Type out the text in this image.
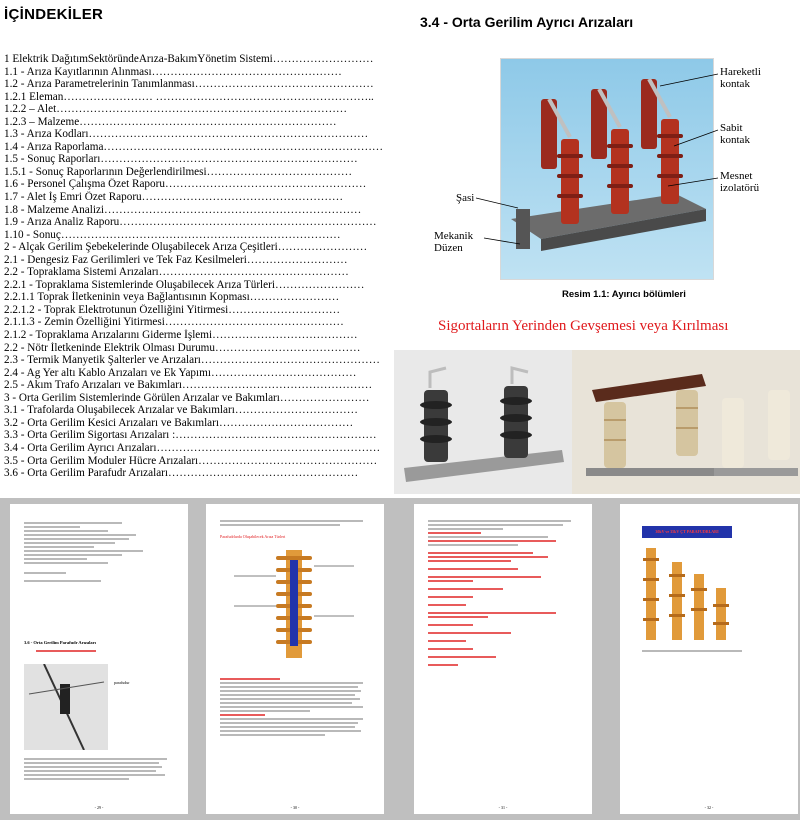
İÇİNDEKİLER
1 Elektrik DağıtımSektöründeArıza-BakımYönetim Sistemi ………………………
1.1 - Arıza Kayıtlarının Alınması ……………………………………………
1.2 - Arıza Parametrelerinin Tanımlanması …………………………………………
1.2.1 Eleman …………………… …………………………………………………..
1.2.2 – Alet ……………………………………………………………………
1.2.3 – Malzeme ……………………………………………………………
1.3 - Arıza Kodları …………………………………………………………………
1.4 - Arıza Raporlama …………………………………………………………………
1.5 - Sonuç Raporları ……………………………………………………………
1.5.1 - Sonuç Raporlarının Değerlendirilmesi …………………………………
1.6 - Personel Çalışma Özet Raporu ………………………………………………
1.7 - Alet İş Emri Özet Raporu ………………………………………………
1.8 - Malzeme Analizi ……………………………………………………………
1.9 - Arıza Analiz Raporu ……………………………………………………………
1.10 - Sonuç …………………………………………………………………
2 - Alçak Gerilim Şebekelerinde Oluşabilecek Arıza Çeşitleri ……………………
2.1 - Dengesiz Faz Gerilimleri ve Tek Faz Kesilmeleri ………………………
2.2 - Topraklama Sistemi Arızaları ……………………………………………
2.2.1 - Topraklama Sistemlerinde Oluşabilecek Arıza Türleri ……………………
2.2.1.1 Toprak İletkeninin veya Bağlantısının Kopması ……………………
2.2.1.2 - Toprak Elektrotunun Özelliğini Yitirmesi …………………………
2.1.1.3 - Zemin Özelliğini Yitirmesi …………………………………………
2.1.2 - Topraklama Arızalarını Giderme İşlemi …………………………………
2.2 - Nötr İletkeninde Elektrik Olması Durumu …………………………………
2.3 - Termik Manyetik Şalterler ve Arızaları …………………………………………
2.4 - Ag Yer altı Kablo Arızaları ve Ek Yapımı …………………………………
2.5 - Akım Trafo Arızaları ve Bakımları ……………………………………………
3 - Orta Gerilim Sistemlerinde Görülen Arızalar ve Bakımları ……………………
3.1 - Trafolarda Oluşabilecek Arızalar ve Bakımları ……………………………
3.2 - Orta Gerilim Kesici Arızaları ve Bakımları ………………………………
3.3 - Orta Gerilim Sigortası Arızaları : ………………………………………………
3.4 - Orta Gerilim Ayrıcı Arızaları ……………………………………………………
3.5 - Orta Gerilim Moduler Hücre Arızaları …………………………………………
3.6 - Orta Gerilim Parafudr Arızaları ……………………………………………
3.4 - Orta Gerilim Ayrıcı Arızaları
Hareketli
kontak
Sabit
kontak
Mesnet
izolatörü
Şasi
Mekanik
Düzen
Resim 1.1: Ayırıcı bölümleri
Sigortaların Yerinden Gevşemesi veya Kırılması
3.6 - Orta Gerilim Parafudr Arızaları
parafudur
- 29 -
Parafudrlarda Oluşabilecek Arıza Türleri
- 30 -	- 31 -
30kV ve 35kV ÇT PARAFUDRLARI
- 32 -
